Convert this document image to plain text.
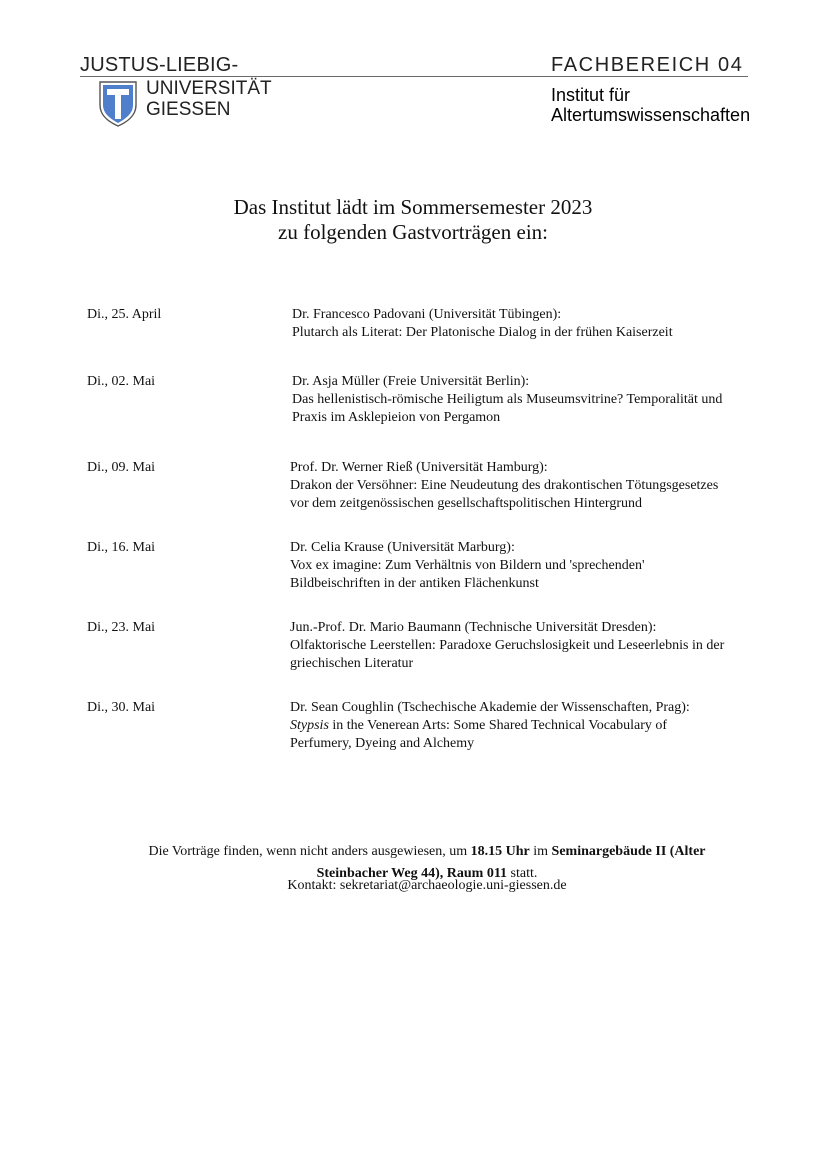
JUSTUS-LIEBIG-	FACHBEREICH 04
UNIVERSITÄT
GIESSEN
Institut für
Altertumswissenschaften
Das Institut lädt im Sommersemester 2023
zu folgenden Gastvorträgen ein:
Di., 25. April	Dr. Francesco Padovani (Universität Tübingen):
Plutarch als Literat: Der Platonische Dialog in der frühen Kaiserzeit
Di., 02. Mai	Dr. Asja Müller (Freie Universität Berlin):
Das hellenistisch-römische Heiligtum als Museumsvitrine? Temporalität und
Praxis im Asklepieion von Pergamon
Di., 09. Mai	Prof. Dr. Werner Rieß (Universität Hamburg):
Drakon der Versöhner: Eine Neudeutung des drakontischen Tötungsgesetzes
vor dem zeitgenössischen gesellschaftspolitischen Hintergrund
Di., 16. Mai	Dr. Celia Krause (Universität Marburg):
Vox ex imagine: Zum Verhältnis von Bildern und 'sprechenden'
Bildbeischriften in der antiken Flächenkunst
Di., 23. Mai	Jun.-Prof. Dr. Mario Baumann (Technische Universität Dresden):
Olfaktorische Leerstellen: Paradoxe Geruchslosigkeit und Leseerlebnis in der
griechischen Literatur
Di., 30. Mai	Dr. Sean Coughlin (Tschechische Akademie der Wissenschaften, Prag):
Stypsis in the Venerean Arts: Some Shared Technical Vocabulary of
Perfumery, Dyeing and Alchemy
Die Vorträge finden, wenn nicht anders ausgewiesen, um 18.15 Uhr im Seminargebäude II (Alter
Steinbacher Weg 44), Raum 011 statt.
Kontakt: sekretariat@archaeologie.uni-giessen.de
